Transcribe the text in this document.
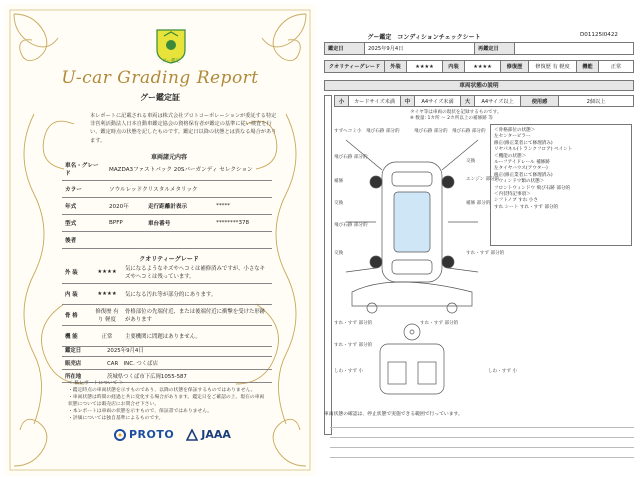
グー鑑定
U-car Grading Report
グー鑑定証
本レポートに記載される車両は株式会社プロトコーポレーションが委託する特定非営利活動法人日本自動車鑑定協会の資格保有者が鑑定の基準に従い検査を行い、鑑定時点の状態を記したものです。鑑定日以降の状態とは異なる場合があります。
車両諸元内容
車名・グレード	MAZDA3ファストバック 20Sバーガンディ セレクション		
カラー	ソウルレッドクリスタルメタリック		
年式	2020年	走行距離計表示	*****
型式	BPFP	車台番号	********378
後者			
クオリティーグレード
外 装	★★★★	気になるようなキズやへコミは補修済みですが、小さなキズやヘコミは残っています。
内 装	★★★★	気になる汚れ等が部分的にあります。
骨 格	修復歴 有り 軽度	骨格部位の先端付近、または後端付近に衝撃を受けた形跡があります
機 能	正常	主要機関に問題はありません。
鑑定日	2025年9月4日
販売店	CAR　INC. つくば店
所在地	茨城県つくば市下広岡1055-587
＜ 私レポートについて ＞
・鑑定時点の車両状態を示すものであり、以降の状態を保証するものではありません。
・車両状態は時間の経過と共に変化する場合があります。鑑定日をご確認の上、現在の車両状態については販売店にお問合せ下さい。
・本レポートは車両の状態を示すもので、保証書ではありません。
・評価については独自基準によるものです。
PROTO JAAA
グー鑑定　コンディションチェックシート	D01125I0422
鑑定日	2025年9月4日	再鑑定日	
クオリティーグレード	外装	★★★★	内装	★★★★	修復歴	修復歴 有 軽度	機能	正常
車両状態の説明
小	カードサイズ未満	中	A4サイズ未満	大	A4サイズ以上	使用感	2個以上
タイヤ等は車両の現状を記録するものです。
※ 数量: 1カ所 〜 2カ所以上の補修跡 等
すずヘコミ小 飛び石跡 部分的	飛び石跡 部分的 飛び石跡 部分的
飛び石跡 部分的
補修
交換
エンジン 部分的
交換	補修 部分的
飛び石跡 部分的
交換	すれ・すず 部分的
すれ・すず 部分的	すれ・すず 部分的
すれ・すず 部分的
しわ・すず 小	しわ・すず 小
＜骨格部位の状態＞
左センターピラー
修正(修正業者にて修理済み)
リヤパネル(トランクフロア) ペイント
＜機能の状態＞
ルーフアイドレール 補修跡
左タイヤハウス(アウター)
修正(修正業者にて修理済み)
＜ウィンドウ類の状態＞
フロントウィンドウ 飛び石跡 部分的
＜内装特記事項＞
シフトノブ すれ 小さ
すれ シート すれ・すず 部分的
車両状態の確認は、停止状態で実施できる範囲で行っています。
